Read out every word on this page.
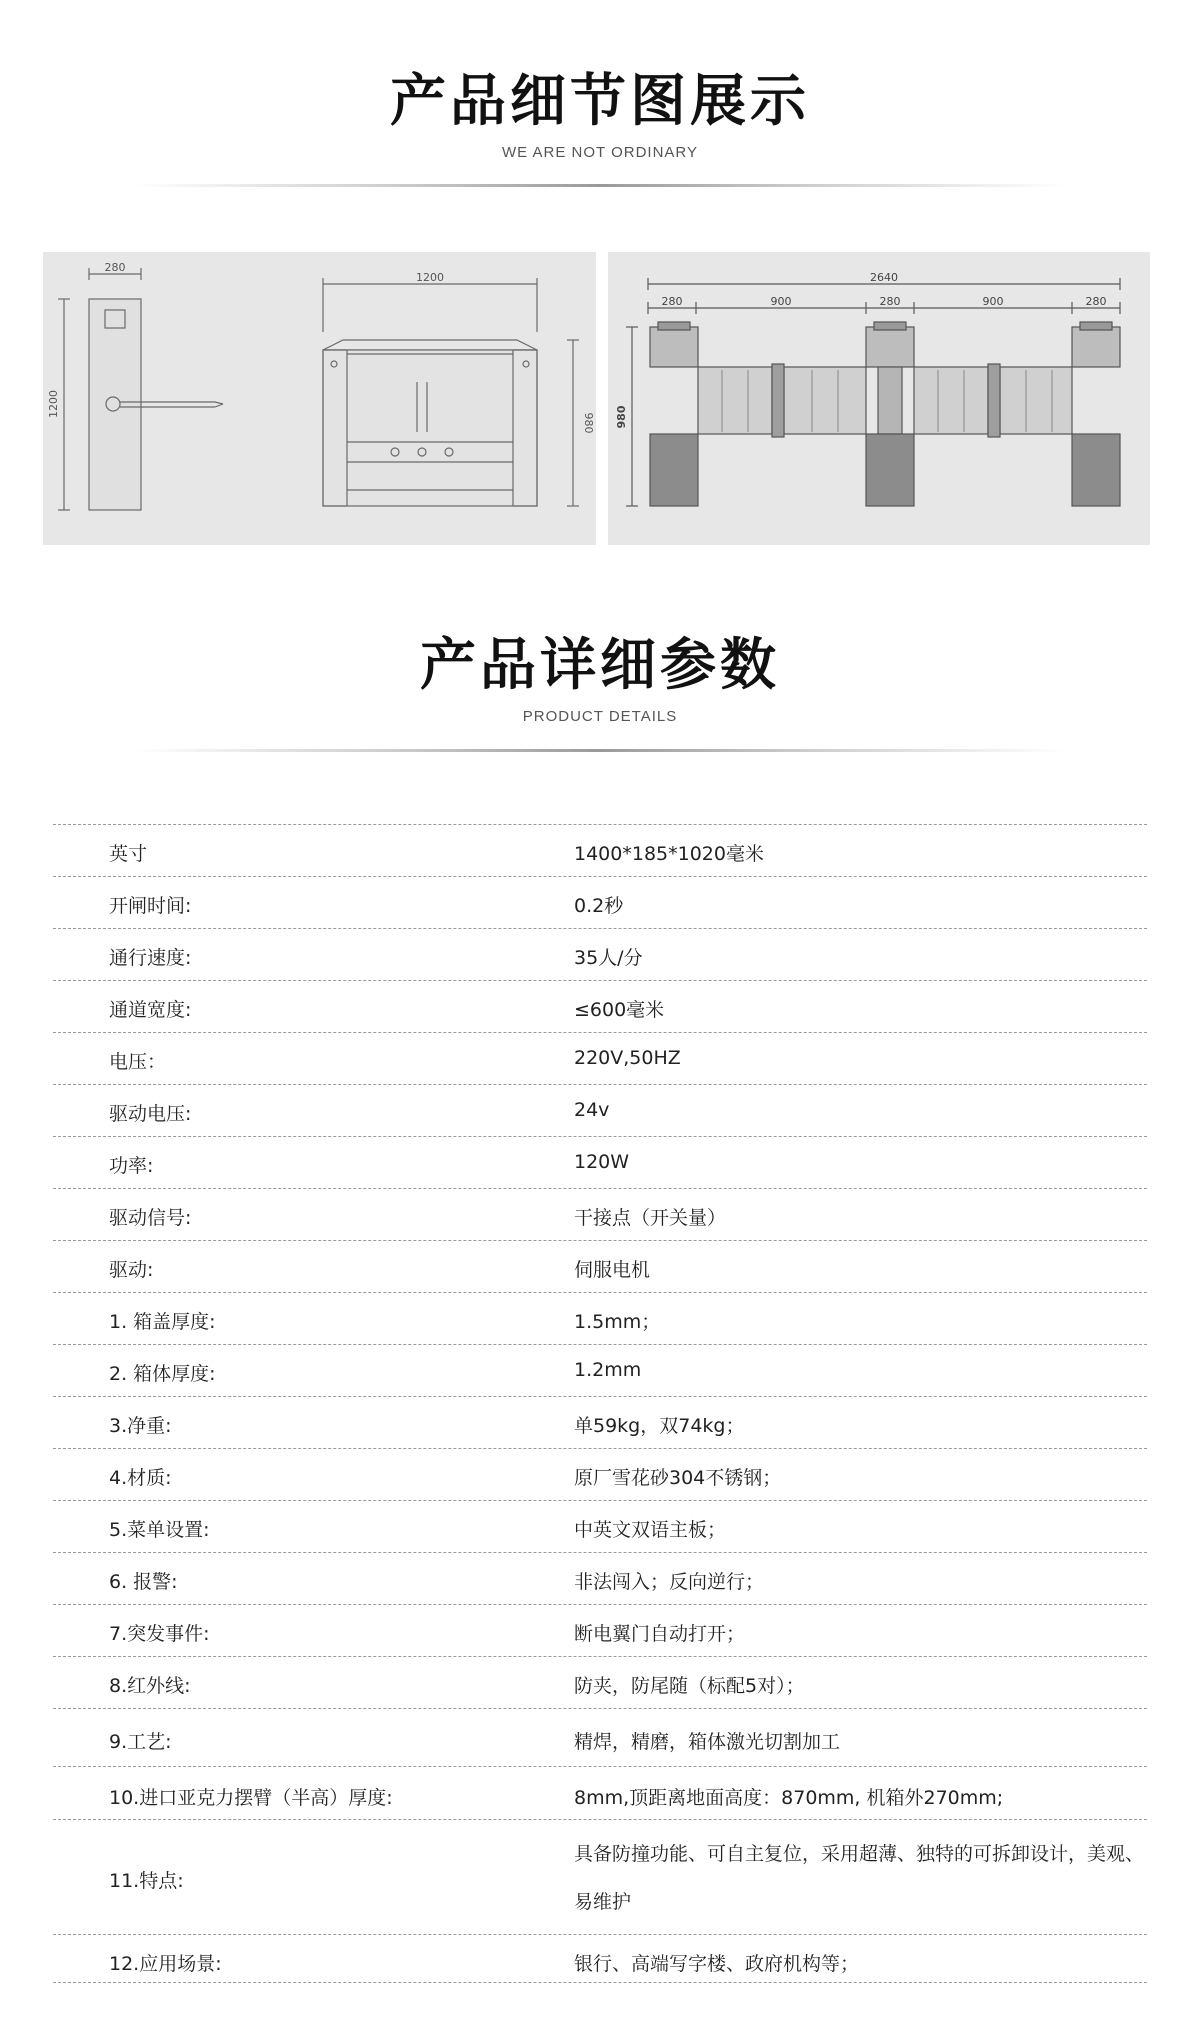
产品细节图展示
WE ARE NOT ORDINARY
280
1200
1200
980
2640
280	900	280	900	280
980
产品详细参数
PRODUCT DETAILS
英寸	1400*185*1020毫米
开闸时间:	0.2秒
通行速度:	35人/分
通道宽度:	≤600毫米
电压：	220V,50HZ
驱动电压:	24v
功率:	120W
驱动信号:	干接点（开关量）
驱动:	伺服电机
1. 箱盖厚度:	1.5mm；
2. 箱体厚度:	1.2mm
3.净重:	单59kg，双74kg；
4.材质:	原厂雪花砂304不锈钢；
5.菜单设置:	中英文双语主板；
6. 报警:	非法闯入；反向逆行；
7.突发事件:	断电翼门自动打开；
8.红外线:	防夹，防尾随（标配5对）；
9.工艺:	精焊，精磨，箱体激光切割加工
10.进口亚克力摆臂（半高）厚度:	8mm,顶距离地面高度：870mm, 机箱外270mm;
11.特点:
具备防撞功能、可自主复位，采用超薄、独特的可拆卸设计，美观、易维护
12.应用场景:	银行、高端写字楼、政府机构等；
